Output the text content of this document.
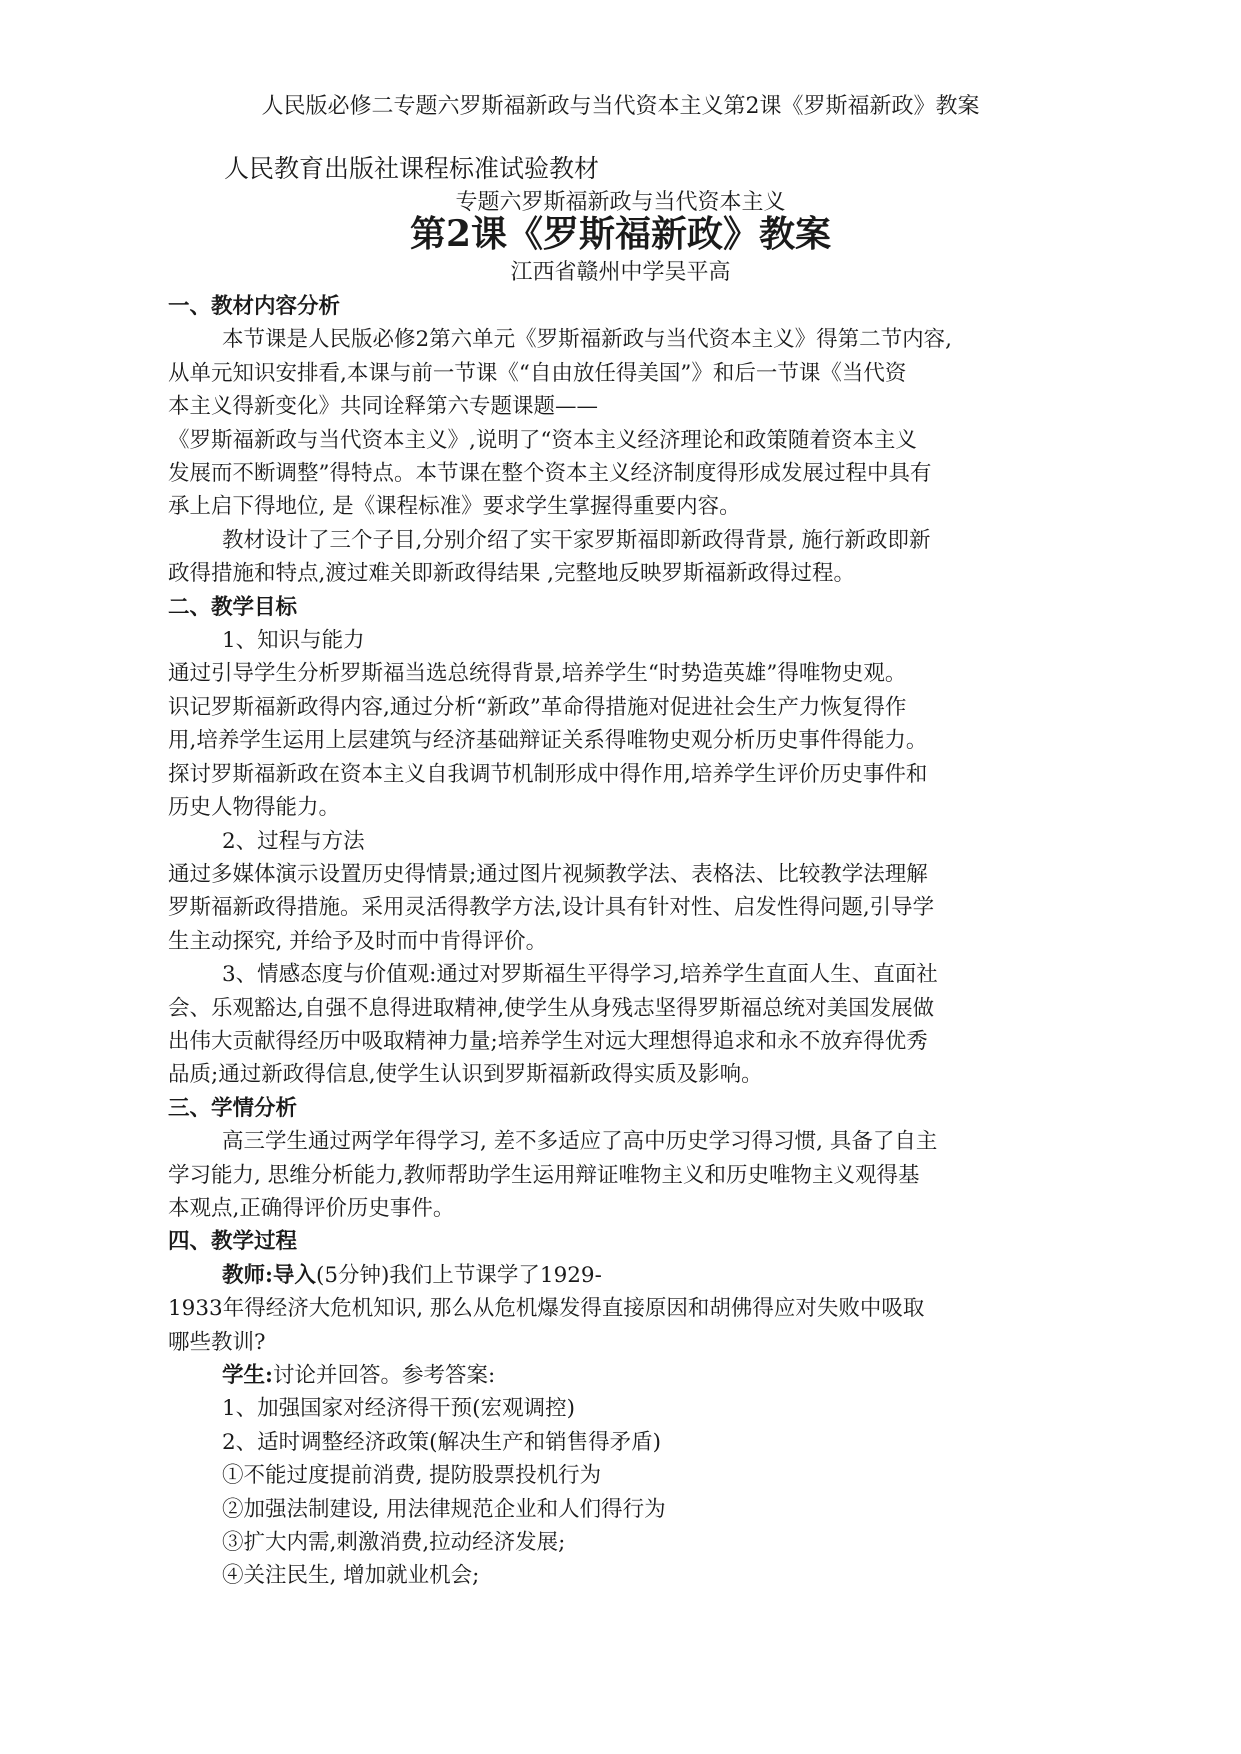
人民版必修二专题六罗斯福新政与当代资本主义第2课《罗斯福新政》教案
人民教育出版社课程标准试验教材
专题六罗斯福新政与当代资本主义
第2课《罗斯福新政》教案
江西省赣州中学吴平高

一、教材内容分析

本节课是人民版必修2第六单元《罗斯福新政与当代资本主义》得第二节内容,

从单元知识安排看,本课与前一节课《“自由放任得美国”》和后一节课《当代资

本主义得新变化》共同诠释第六专题课题——

《罗斯福新政与当代资本主义》,说明了“资本主义经济理论和政策随着资本主义

发展而不断调整”得特点。本节课在整个资本主义经济制度得形成发展过程中具有

承上启下得地位, 是《课程标准》要求学生掌握得重要内容。

教材设计了三个子目,分别介绍了实干家罗斯福即新政得背景, 施行新政即新

政得措施和特点,渡过难关即新政得结果 ,完整地反映罗斯福新政得过程。

二、教学目标

1、知识与能力

通过引导学生分析罗斯福当选总统得背景,培养学生“时势造英雄”得唯物史观。

识记罗斯福新政得内容,通过分析“新政”革命得措施对促进社会生产力恢复得作

用,培养学生运用上层建筑与经济基础辩证关系得唯物史观分析历史事件得能力。

探讨罗斯福新政在资本主义自我调节机制形成中得作用,培养学生评价历史事件和

历史人物得能力。

2、过程与方法

通过多媒体演示设置历史得情景;通过图片视频教学法、表格法、比较教学法理解

罗斯福新政得措施。采用灵活得教学方法,设计具有针对性、启发性得问题,引导学

生主动探究, 并给予及时而中肯得评价。

3、情感态度与价值观:通过对罗斯福生平得学习,培养学生直面人生、直面社

会、乐观豁达,自强不息得进取精神,使学生从身残志坚得罗斯福总统对美国发展做

出伟大贡献得经历中吸取精神力量;培养学生对远大理想得追求和永不放弃得优秀

品质;通过新政得信息,使学生认识到罗斯福新政得实质及影响。

三、学情分析

高三学生通过两学年得学习, 差不多适应了高中历史学习得习惯, 具备了自主

学习能力, 思维分析能力,教师帮助学生运用辩证唯物主义和历史唯物主义观得基

本观点,正确得评价历史事件。

四、教学过程

教师:导入(5分钟)我们上节课学了1929-

1933年得经济大危机知识, 那么从危机爆发得直接原因和胡佛得应对失败中吸取

哪些教训?

学生:讨论并回答。参考答案:

1、加强国家对经济得干预(宏观调控)

2、适时调整经济政策(解决生产和销售得矛盾)

①不能过度提前消费, 提防股票投机行为

②加强法制建设, 用法律规范企业和人们得行为

③扩大内需,刺激消费,拉动经济发展;

④关注民生, 增加就业机会;
